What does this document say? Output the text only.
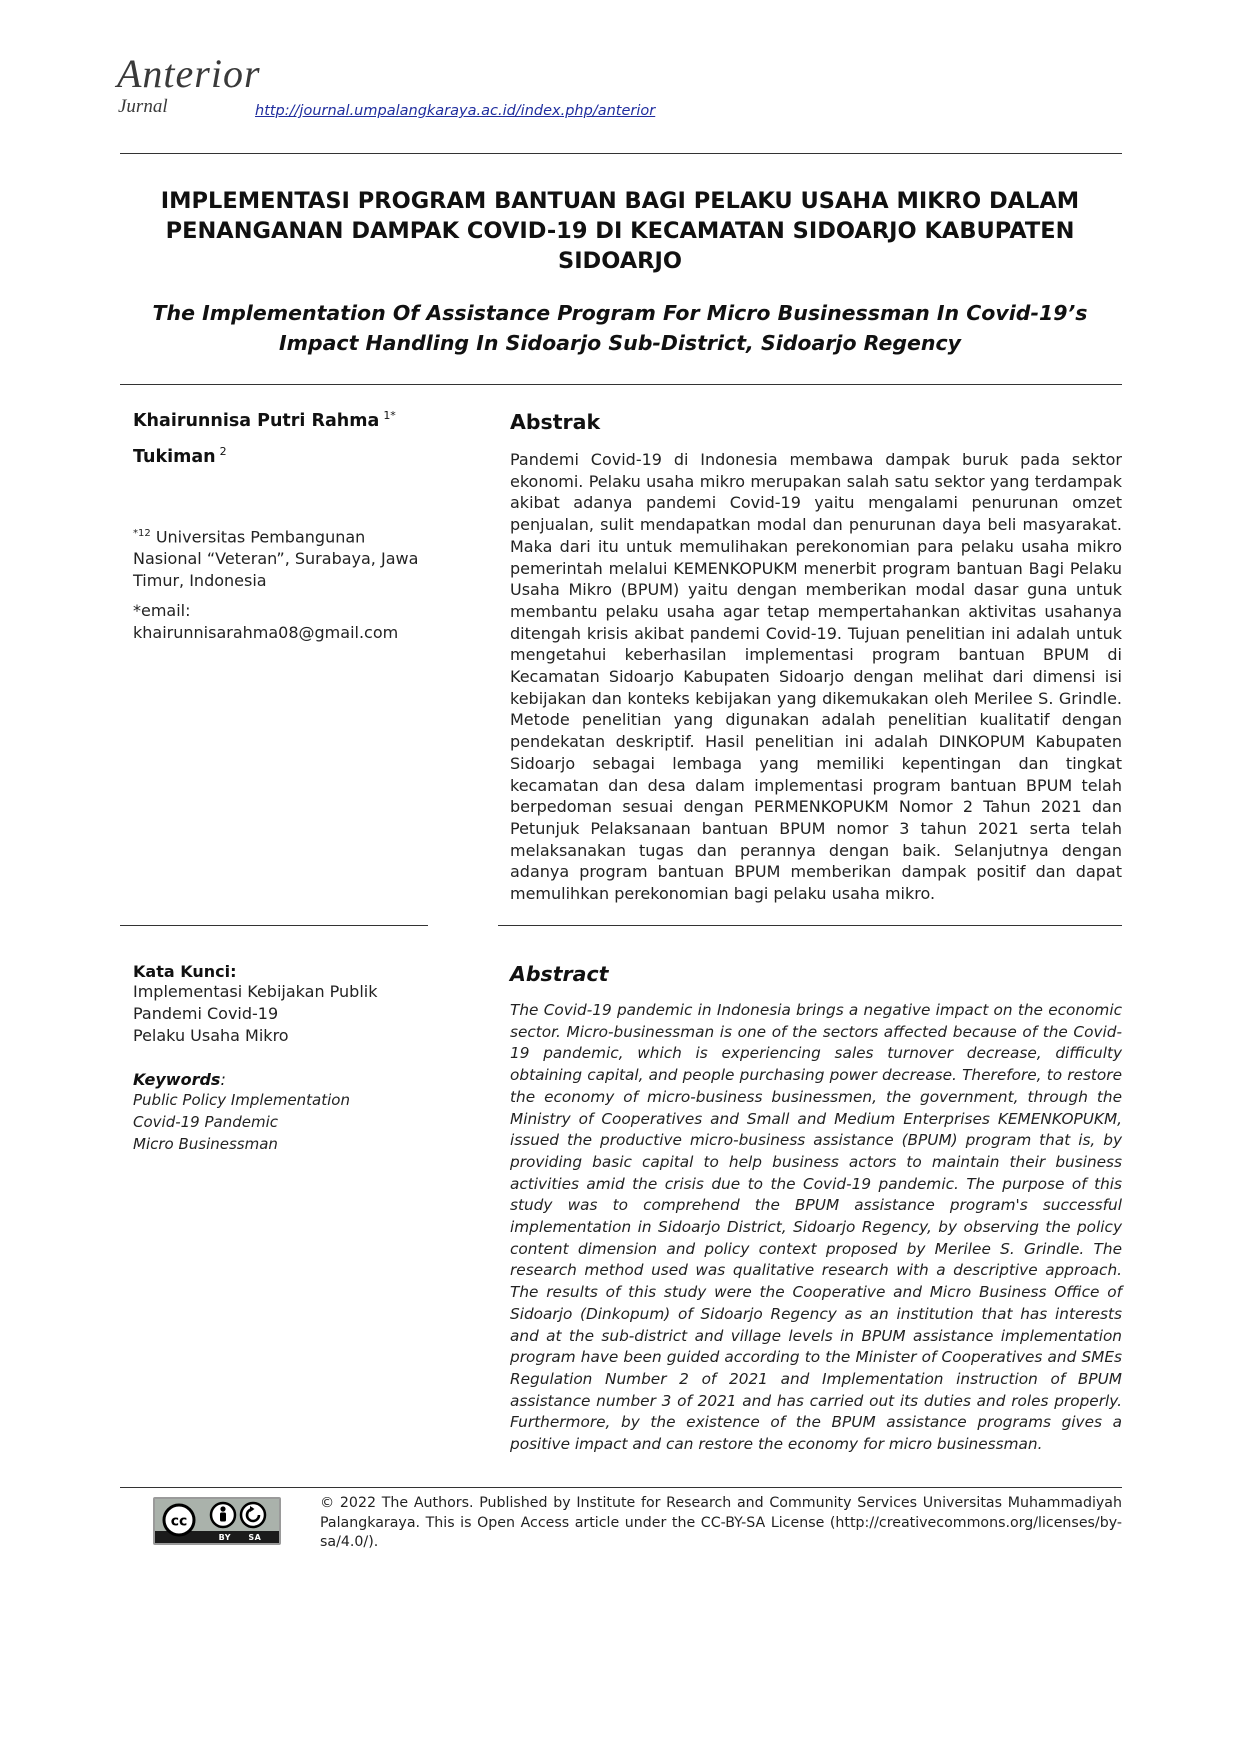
Anterior
Jurnal	http://journal.umpalangkaraya.ac.id/index.php/anterior
IMPLEMENTASI PROGRAM BANTUAN BAGI PELAKU USAHA MIKRO DALAM PENANGANAN DAMPAK COVID-19 DI KECAMATAN SIDOARJO KABUPATEN SIDOARJO
The Implementation Of Assistance Program For Micro Businessman In Covid-19’s Impact Handling In Sidoarjo Sub-District, Sidoarjo Regency
Khairunnisa Putri Rahma $^{1*}$
Tukiman $^2$
$^{*12}$ Universitas Pembangunan Nasional “Veteran”, Surabaya, Jawa Timur, Indonesia
*email:
khairunnisarahma08@gmail.com
Abstrak
Pandemi Covid-19 di Indonesia membawa dampak buruk pada sektor ekonomi. Pelaku usaha mikro merupakan salah satu sektor yang terdampak akibat adanya pandemi Covid-19 yaitu mengalami penurunan omzet penjualan, sulit mendapatkan modal dan penurunan daya beli masyarakat. Maka dari itu untuk memulihakan perekonomian para pelaku usaha mikro pemerintah melalui KEMENKOPUKM menerbit program bantuan Bagi Pelaku Usaha Mikro (BPUM) yaitu dengan memberikan modal dasar guna untuk membantu pelaku usaha agar tetap mempertahankan aktivitas usahanya ditengah krisis akibat pandemi Covid-19. Tujuan penelitian ini adalah untuk mengetahui keberhasilan implementasi program bantuan BPUM di Kecamatan Sidoarjo Kabupaten Sidoarjo dengan melihat dari dimensi isi kebijakan dan konteks kebijakan yang dikemukakan oleh Merilee S. Grindle. Metode penelitian yang digunakan adalah penelitian kualitatif dengan pendekatan deskriptif. Hasil penelitian ini adalah DINKOPUM Kabupaten Sidoarjo sebagai lembaga yang memiliki kepentingan dan tingkat kecamatan dan desa dalam implementasi program bantuan BPUM telah berpedoman sesuai dengan PERMENKOPUKM Nomor 2 Tahun 2021 dan Petunjuk Pelaksanaan bantuan BPUM nomor 3 tahun 2021 serta telah melaksanakan tugas dan perannya dengan baik. Selanjutnya dengan adanya program bantuan BPUM memberikan dampak positif dan dapat memulihkan perekonomian bagi pelaku usaha mikro.
Kata Kunci:
Implementasi Kebijakan Publik
Pandemi Covid-19
Pelaku Usaha Mikro
Keywords:
Public Policy Implementation
Covid-19 Pandemic
Micro Businessman
Abstract
The Covid-19 pandemic in Indonesia brings a negative impact on the economic sector. Micro-businessman is one of the sectors affected because of the Covid-19 pandemic, which is experiencing sales turnover decrease, difficulty obtaining capital, and people purchasing power decrease. Therefore, to restore the economy of micro-business businessmen, the government, through the Ministry of Cooperatives and Small and Medium Enterprises KEMENKOPUKM, issued the productive micro-business assistance (BPUM) program that is, by providing basic capital to help business actors to maintain their business activities amid the crisis due to the Covid-19 pandemic. The purpose of this study was to comprehend the BPUM assistance program's successful implementation in Sidoarjo District, Sidoarjo Regency, by observing the policy content dimension and policy context proposed by Merilee S. Grindle. The research method used was qualitative research with a descriptive approach. The results of this study were the Cooperative and Micro Business Office of Sidoarjo (Dinkopum) of Sidoarjo Regency as an institution that has interests and at the sub-district and village levels in BPUM assistance implementation program have been guided according to the Minister of Cooperatives and SMEs Regulation Number 2 of 2021 and Implementation instruction of BPUM assistance number 3 of 2021 and has carried out its duties and roles properly. Furthermore, by the existence of the BPUM assistance programs gives a positive impact and can restore the economy for micro businessman.
cc
BY SA
© 2022 The Authors. Published by Institute for Research and Community Services Universitas Muhammadiyah Palangkaraya. This is Open Access article under the CC-BY-SA License (http://creativecommons.org/licenses/by-sa/4.0/).
